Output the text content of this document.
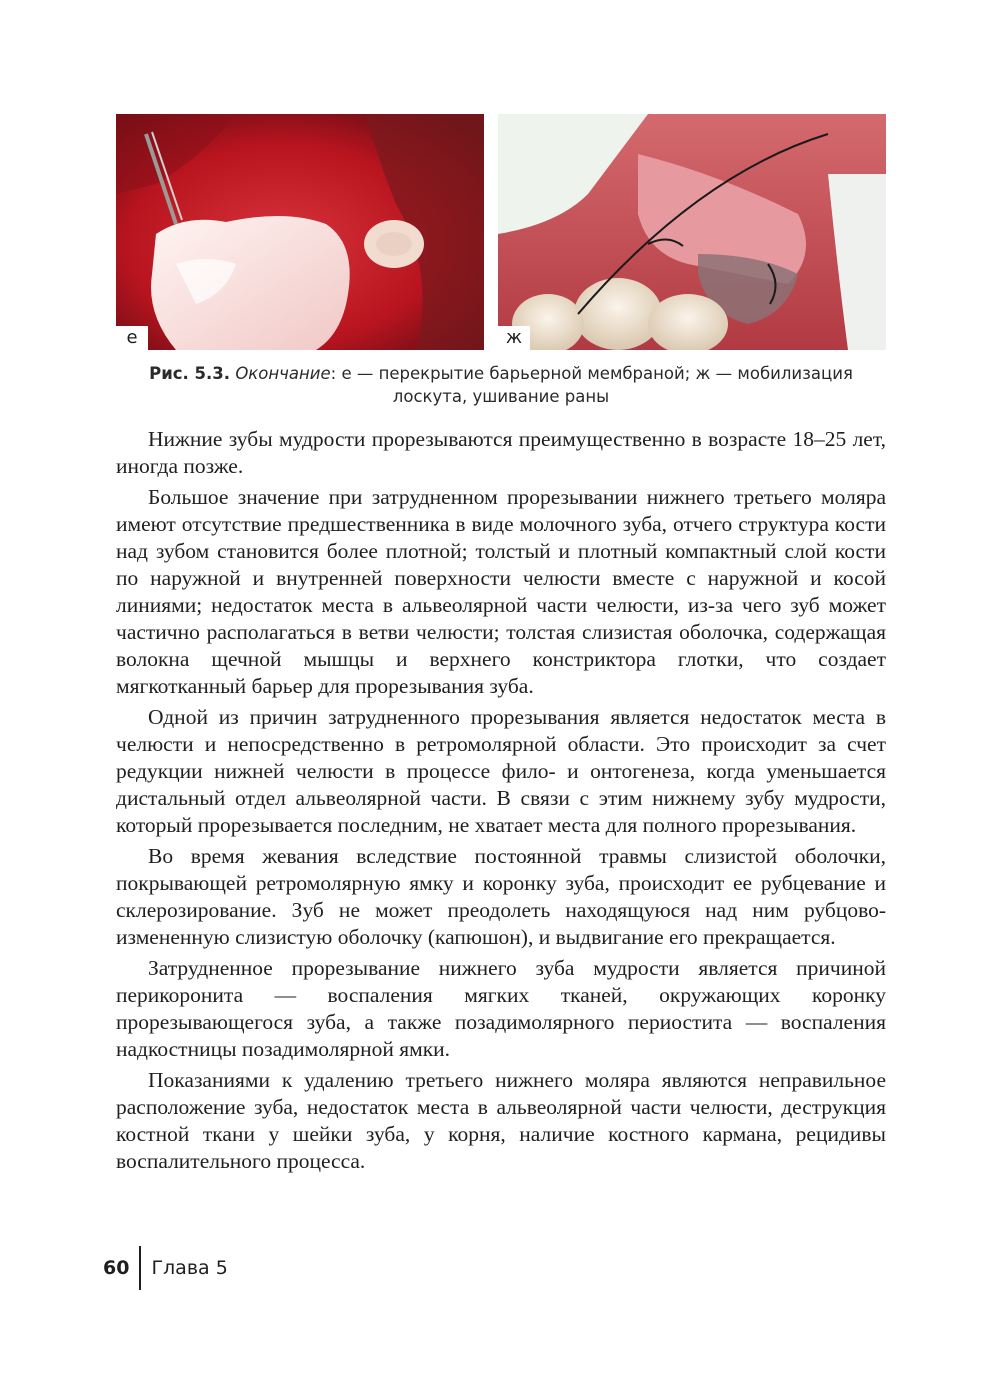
е	ж
Рис. 5.3. Окончание: е — перекрытие барьерной мембраной; ж — мобилизация лоскута, ушивание раны

Нижние зубы мудрости прорезываются преимущественно в возрасте 18–25 лет, иногда позже.

Большое значение при затрудненном прорезывании нижнего третьего моляра имеют отсутствие предшественника в виде молочного зуба, отчего структура кости над зубом становится более плотной; толстый и плотный компактный слой кости по наружной и внутренней поверхности челюсти вместе с наружной и косой линиями; недостаток места в альвеолярной части челюсти, из-за чего зуб может частично располагаться в ветви челюсти; толстая слизистая оболочка, содержащая волокна щечной мышцы и верхнего констриктора глотки, что создает мягкотканный барьер для прорезывания зуба.

Одной из причин затрудненного прорезывания является недостаток места в челюсти и непосредственно в ретромолярной области. Это происходит за счет редукции нижней челюсти в процессе фило- и онтогенеза, когда уменьшается дистальный отдел альвеолярной части. В связи с этим нижнему зубу мудрости, который прорезывается последним, не хватает места для полного прорезывания.

Во время жевания вследствие постоянной травмы слизистой оболочки, покрывающей ретромолярную ямку и коронку зуба, происходит ее рубцевание и склерозирование. Зуб не может преодолеть находящуюся над ним рубцово-измененную слизистую оболочку (капюшон), и выдвигание его прекращается.

Затрудненное прорезывание нижнего зуба мудрости является причиной перикоронита — воспаления мягких тканей, окружающих коронку прорезывающегося зуба, а также позадимолярного периостита — воспаления надкостницы позадимолярной ямки.

Показаниями к удалению третьего нижнего моляра являются неправильное расположение зуба, недостаток места в альвеолярной части челюсти, деструкция костной ткани у шейки зуба, у корня, наличие костного кармана, рецидивы воспалительного процесса.

60 Глава 5
